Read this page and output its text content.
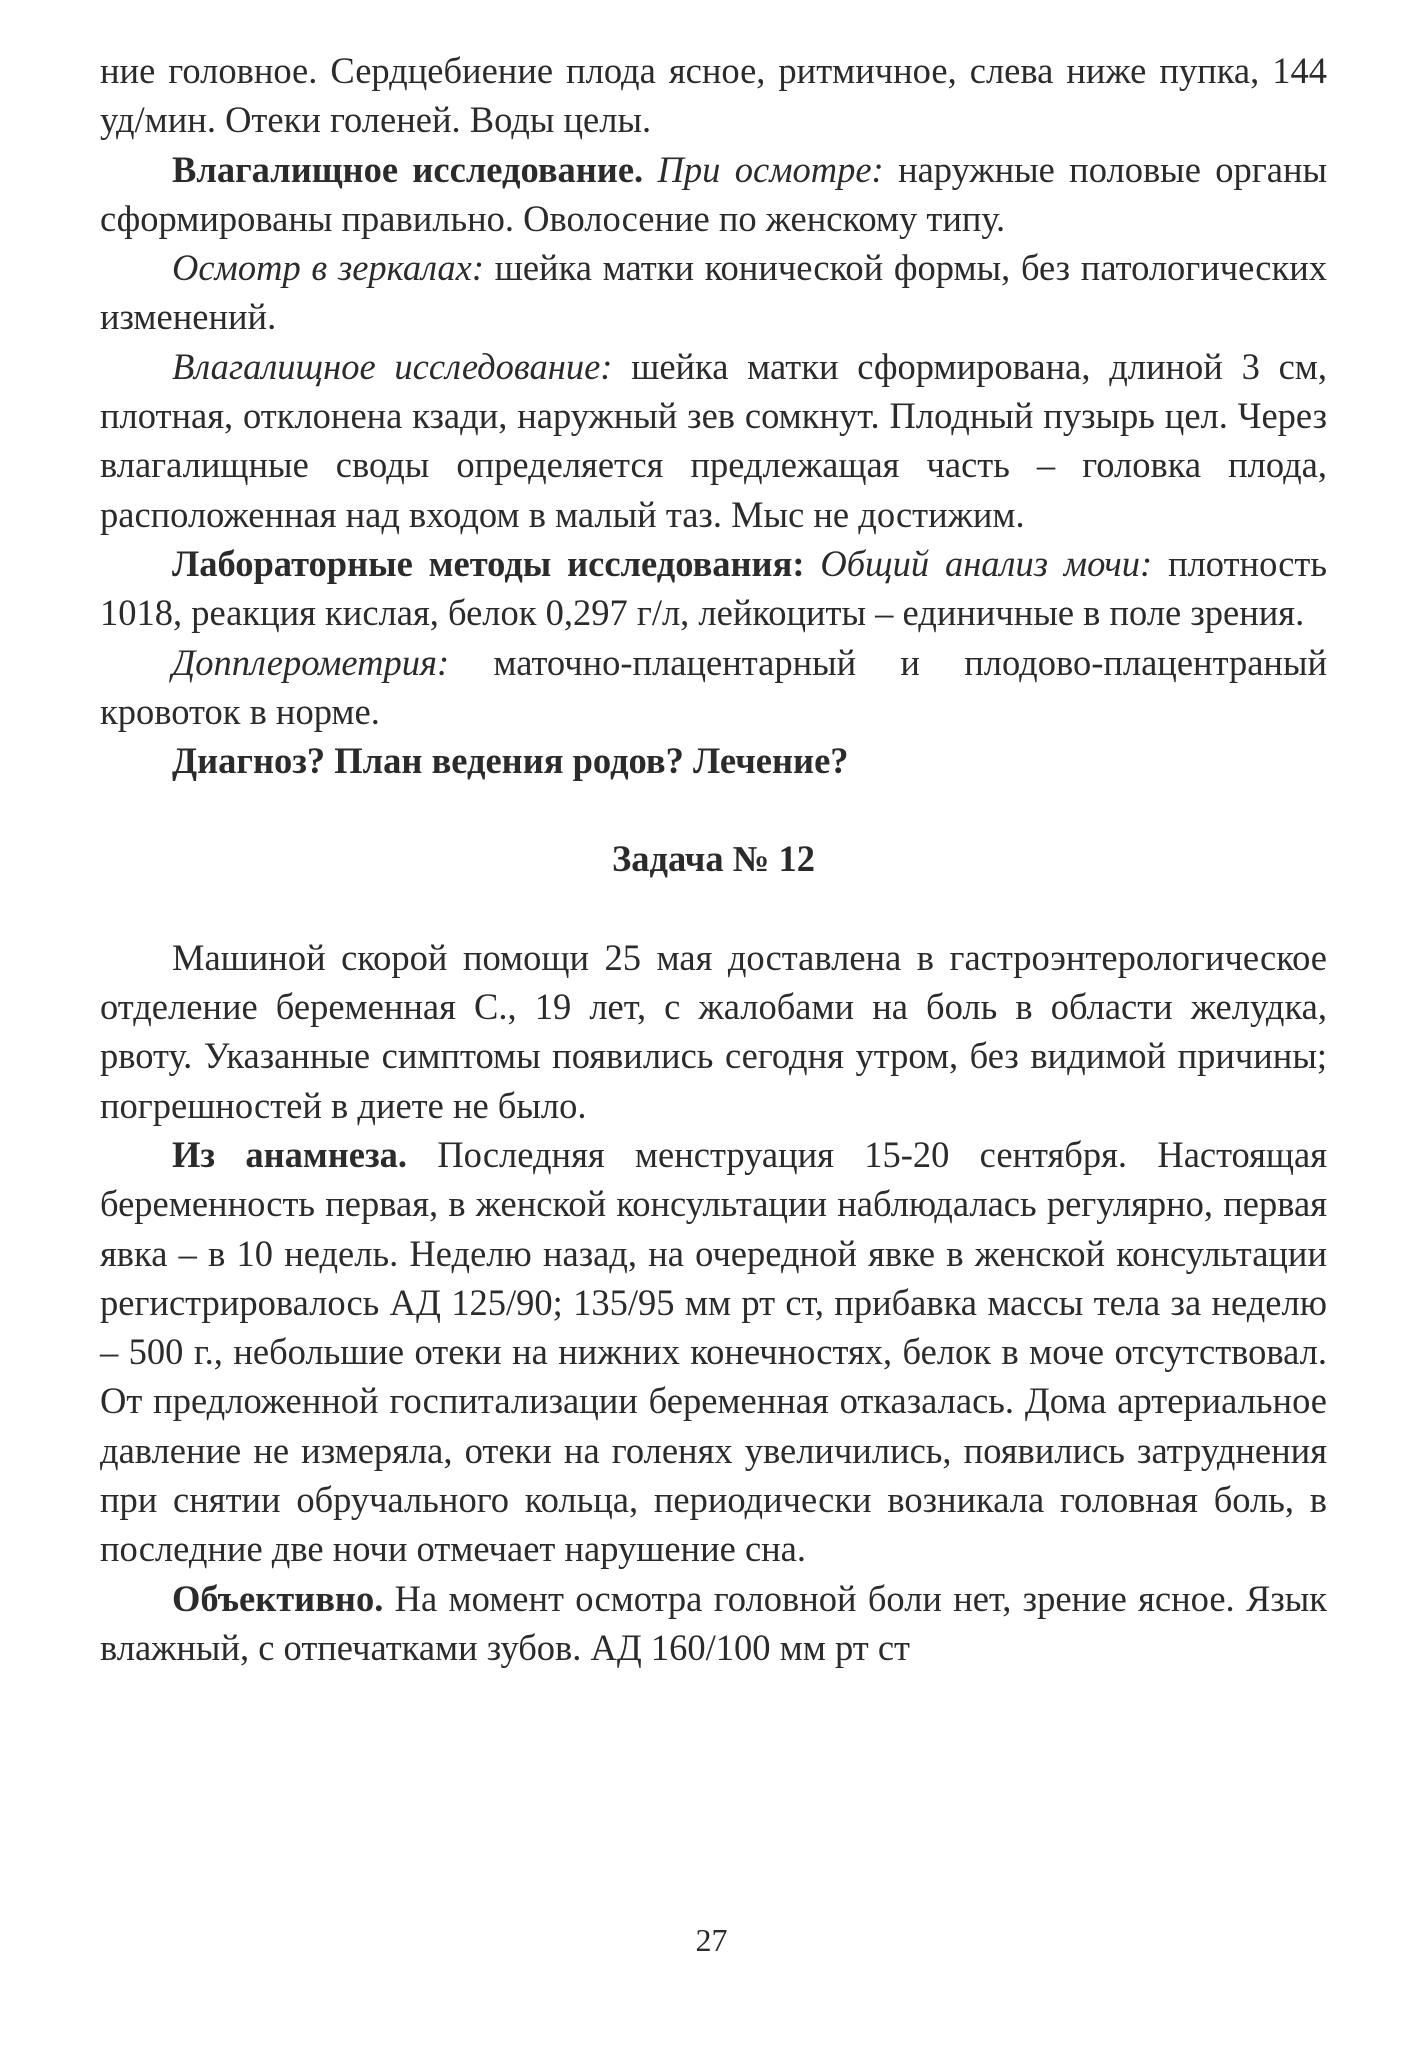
ние головное. Сердцебиение плода ясное, ритмичное, слева ниже пупка, 144 уд/мин. Отеки голеней. Воды целы.

Влагалищное исследование. При осмотре: наружные половые органы сформированы правильно. Оволосение по женскому типу.

Осмотр в зеркалах: шейка матки конической формы, без патологических изменений.

Влагалищное исследование: шейка матки сформирована, длиной 3 см, плотная, отклонена кзади, наружный зев сомкнут. Плодный пузырь цел. Через влагалищные своды определяется предлежащая часть – головка плода, расположенная над входом в малый таз. Мыс не достижим.

Лабораторные методы исследования: Общий анализ мочи: плотность 1018, реакция кислая, белок 0,297 г/л, лейкоциты – единичные в поле зрения.

Допплерометрия: маточно-плацентарный и плодово-плацентраный кровоток в норме.

Диагноз? План ведения родов? Лечение?

Задача № 12

Машиной скорой помощи 25 мая доставлена в гастроэнтерологическое отделение беременная С., 19 лет, с жалобами на боль в области желудка, рвоту. Указанные симптомы появились сегодня утром, без видимой причины; погрешностей в диете не было.

Из анамнеза. Последняя менструация 15-20 сентября. Настоящая беременность первая, в женской консультации наблюдалась регулярно, первая явка – в 10 недель. Неделю назад, на очередной явке в женской консультации регистрировалось АД 125/90; 135/95 мм рт ст, прибавка массы тела за неделю – 500 г., небольшие отеки на нижних конечностях, белок в моче отсутствовал. От предложенной госпитализации беременная отказалась. Дома артериальное давление не измеряла, отеки на голенях увеличились, появились затруднения при снятии обручального кольца, периодически возникала головная боль, в последние две ночи отмечает нарушение сна.

Объективно. На момент осмотра головной боли нет, зрение ясное. Язык влажный, с отпечатками зубов. АД 160/100 мм рт ст

27
